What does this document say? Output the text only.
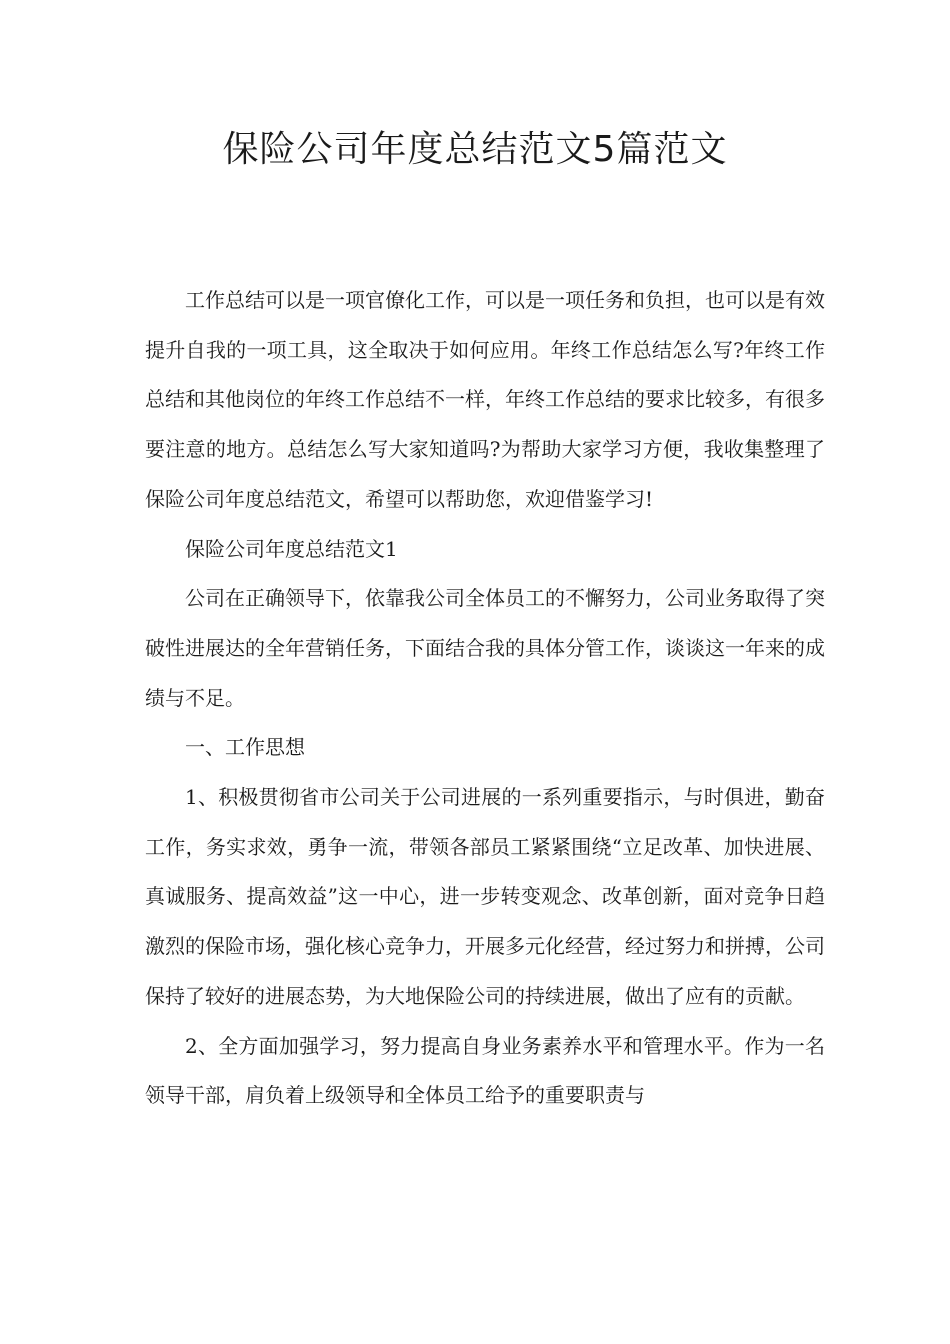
保险公司年度总结范文5篇范文

工作总结可以是一项官僚化工作，可以是一项任务和负担，也可以是有效提升自我的一项工具，这全取决于如何应用。年终工作总结怎么写?年终工作总结和其他岗位的年终工作总结不一样，年终工作总结的要求比较多，有很多要注意的地方。总结怎么写大家知道吗?为帮助大家学习方便，我收集整理了保险公司年度总结范文，希望可以帮助您，欢迎借鉴学习!

保险公司年度总结范文1

公司在正确领导下，依靠我公司全体员工的不懈努力，公司业务取得了突破性进展达的全年营销任务，下面结合我的具体分管工作，谈谈这一年来的成绩与不足。

一、工作思想

1、积极贯彻省市公司关于公司进展的一系列重要指示，与时俱进，勤奋工作，务实求效，勇争一流，带领各部员工紧紧围绕“立足改革、加快进展、真诚服务、提高效益”这一中心，进一步转变观念、改革创新，面对竞争日趋激烈的保险市场，强化核心竞争力，开展多元化经营，经过努力和拼搏，公司保持了较好的进展态势，为大地保险公司的持续进展，做出了应有的贡献。

2、全方面加强学习，努力提高自身业务素养水平和管理水平。作为一名领导干部，肩负着上级领导和全体员工给予的重要职责与
